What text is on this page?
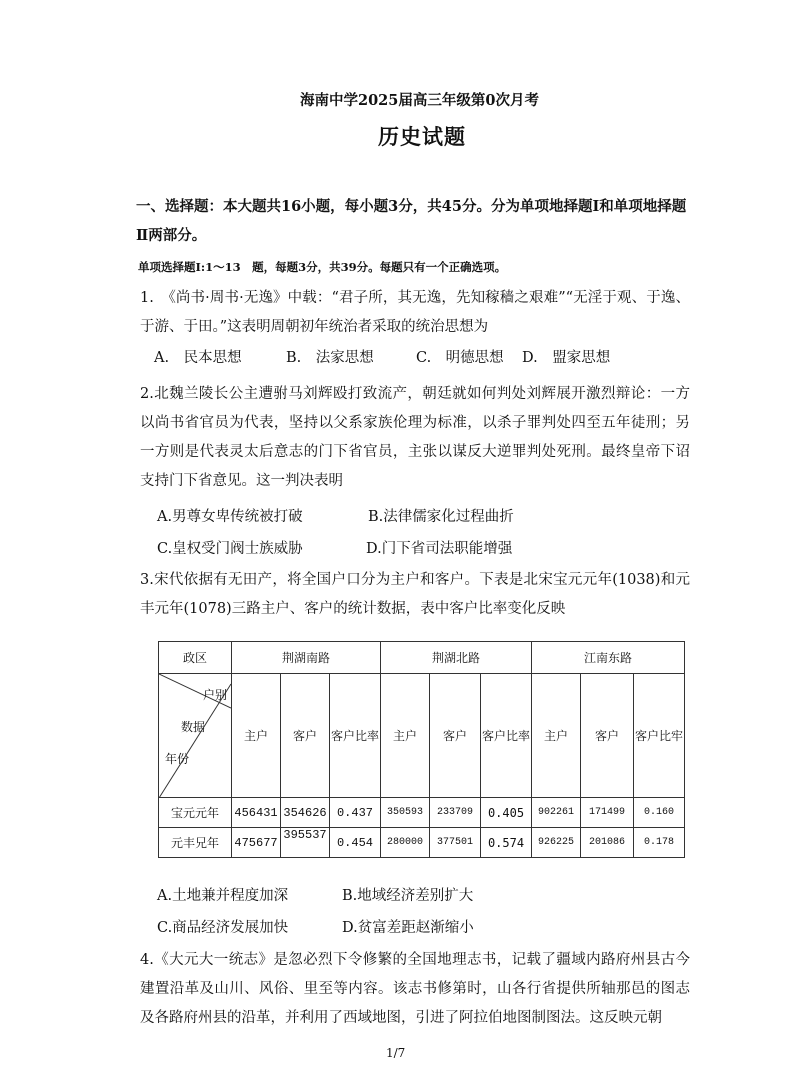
海南中学2025届高三年级第0次月考
历史试题
一、选择题：本大题共16小题，每小题3分，共45分。分为单项地择题I和单项地择题Ⅱ两部分。
单项选择题I:1～13　题，每题3分，共39分。每题只有一个正确选项。
1.　《尚书·周书·无逸》中载：“君子所，其无逸，先知稼穑之艰难”“无淫于观、于逸、于游、于田。”这表明周朝初年统治者采取的统治思想为
A.　民本思想	B.　法家思想	C.　明德思想 D.　盟家思想
2.北魏兰陵长公主遭驸马刘辉殴打致流产，朝廷就如何判处刘辉展开激烈辩论：一方以尚书省官员为代表，坚持以父系家族伦理为标准，以杀子罪判处四至五年徒刑；另一方则是代表灵太后意志的门下省官员，主张以谋反大逆罪判处死刑。最终皇帝下诏支持门下省意见。这一判决表明
A.男尊女卑传统被打破	B.法律儒家化过程曲折
C.皇权受门阀士族威胁	D.门下省司法职能增强
3.宋代依据有无田产，将全国户口分为主户和客户。下表是北宋宝元元年(1038)和元丰元年(1078)三路主户、客户的统计数据，表中客户比率变化反映
政区	荆湖南路			荆湖北路			江南东路		

户别
数据
年份	主户	客户	客户比率	主户	客户	客户比率	主户	客户	客户比牢
宝元元年	456431	354626	0.437	350593	233709	0.405	902261	171499	0.160
元丰兄年	475677	395537	0.454	280000	377501	0.574	926225	201086	0.178
A.土地兼并程度加深	B.地域经济差别扩大
C.商品经济发展加快	D.贫富差距赵渐缩小
4.《大元大一统志》是忽必烈下令修繁的全国地理志书，记载了疆域内路府州县古今建置沿革及山川、风俗、里至等内容。该志书修第时，山各行省提供所轴那邑的图志及各路府州县的沿革，并利用了西域地图，引进了阿拉伯地图制图法。这反映元朝
1/7
